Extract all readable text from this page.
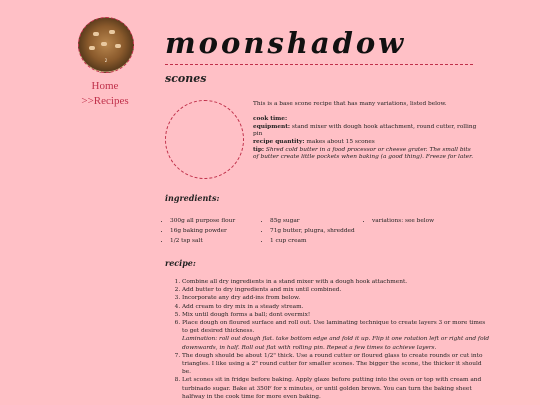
2
Home
>>Recipes
moonshadow
scones

This is a base scone recipe that has many variations, listed below.

cook time:

equipment: stand mixer with dough hook attachment, round cutter, rolling pin

recipe quantity: makes about 15 scones

tip: Shred cold butter in a food processor or cheese grater. The small bits of butter create little pockets when baking (a good thing). Freeze for later.

ingredients:
• 300g all purpose flour
• 16g baking powder
• 1/2 tsp salt
• 85g sugar
• 71g butter, plugra, shredded
• 1 cup cream
• variations: see below
recipe:
1. Combine all dry ingredients in a stand mixer with a dough hook attachment.
2. Add butter to dry ingredients and mix until combined.
3. Incorporate any dry add-ins from below.
4. Add cream to dry mix in a steady stream.
5. Mix until dough forms a ball; dont overmix!
6. Place dough on floured surface and roll out. Use laminating technique to create layers 3 or more times to get desired thickness.
Lamination: roll out dough flat. take bottom edge and fold it up. Flip it one rotation left or right and fold downwards, in half. Roll out flat with rolling pin. Repeat a few times to achieve layers.
7. The dough should be about 1/2" thick. Use a round cutter or floured glass to create rounds or cut into triangles. I like using a 2" round cutter for smaller scones. The bigger the scone, the thicker it should be.
8. Let scones sit in fridge before baking. Apply glaze before putting into the oven or top with cream and turbinado sugar. Bake at 350F for x minutes, or until golden brown. You can turn the baking sheet halfway in the cook time for more even baking.
